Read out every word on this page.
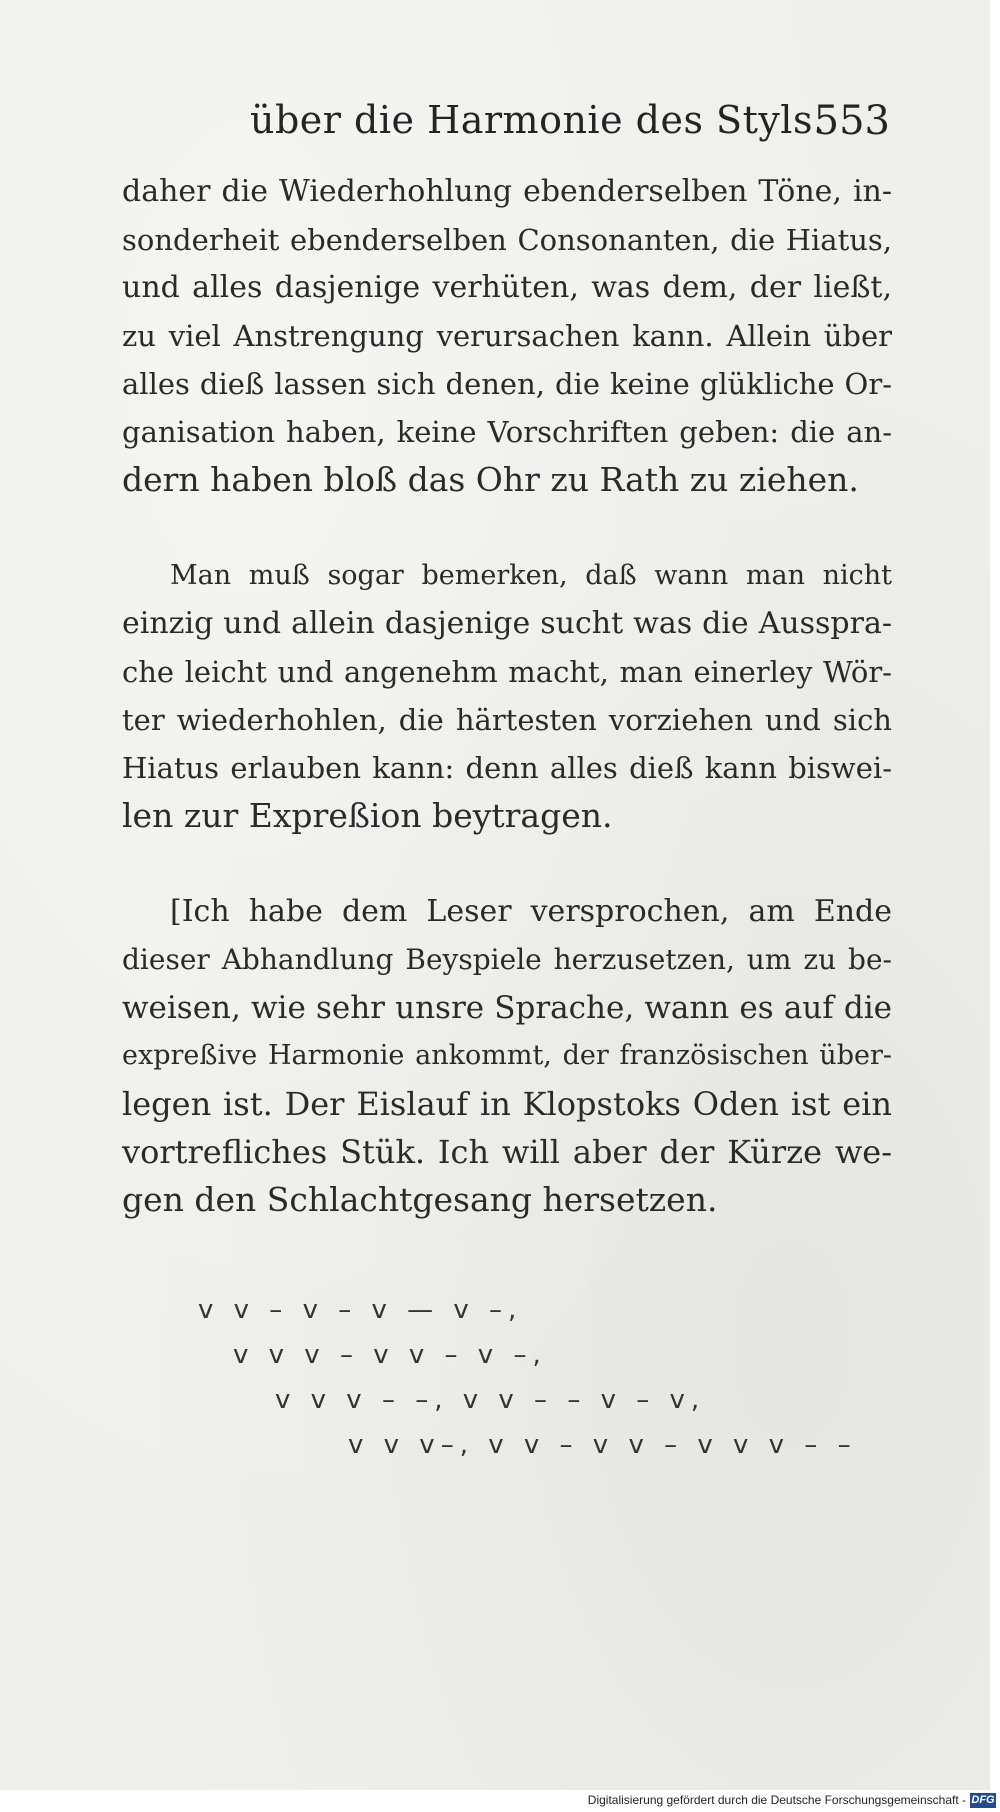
über die Harmonie des Styls.
553
daher die Wiederhohlung ebenderselben Töne, in-
sonderheit ebenderselben Consonanten, die Hiatus,
und alles dasjenige verhüten, was dem, der ließt,
zu viel Anstrengung verursachen kann. Allein über
alles dieß lassen sich denen, die keine glükliche Or-
ganisation haben, keine Vorschriften geben: die an-
dern haben bloß das Ohr zu Rath zu ziehen.
Man muß sogar bemerken, daß wann man nicht
einzig und allein dasjenige sucht was die Ausspra-
che leicht und angenehm macht, man einerley Wör-
ter wiederhohlen, die härtesten vorziehen und sich
Hiatus erlauben kann: denn alles dieß kann biswei-
len zur Expreßion beytragen.
[Ich habe dem Leser versprochen, am Ende
dieser Abhandlung Beyspiele herzusetzen, um zu be-
weisen, wie sehr unsre Sprache, wann es auf die
expreßive Harmonie ankommt, der französischen über-
legen ist. Der Eislauf in Klopstoks Oden ist ein
vortrefliches Stük. Ich will aber der Kürze we-
gen den Schlachtgesang hersetzen.
v v – v – v — v –,
v v v – v v – v –,
v v v – –, v v – – v – v,
v v v–, v v – v v – v v v – –
Digitalisierung gefördert durch die Deutsche Forschungsgemeinschaft - DFG
